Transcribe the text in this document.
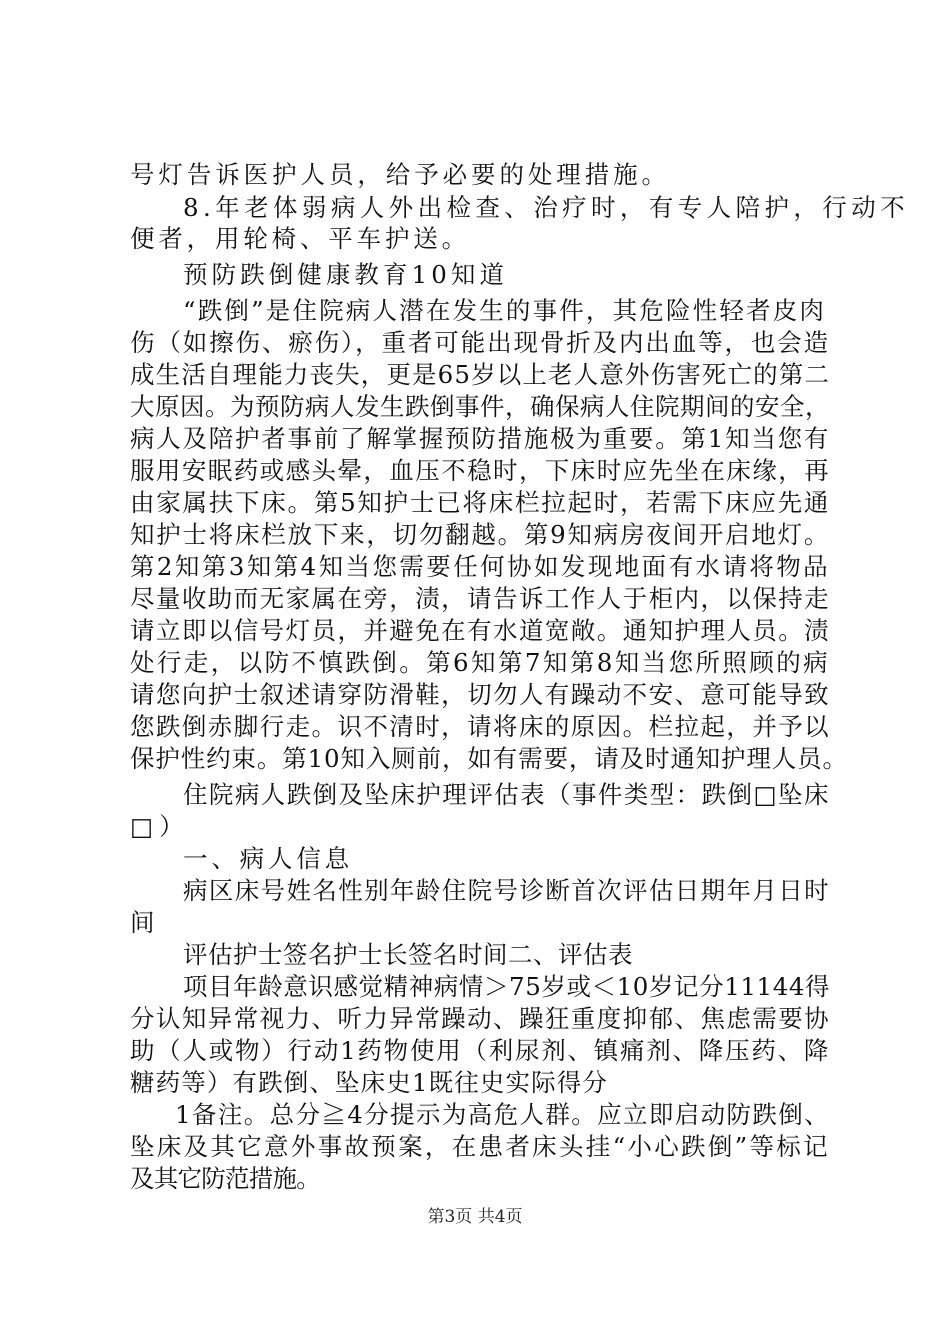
号灯告诉医护人员，给予必要的处理措施。
8.年老体弱病人外出检查、治疗时，有专人陪护，行动不
便者，用轮椅、平车护送。
预防跌倒健康教育10知道
“跌倒”是住院病人潜在发生的事件，其危险性轻者皮肉
伤（如擦伤、瘀伤），重者可能出现骨折及内出血等，也会造
成生活自理能力丧失，更是65岁以上老人意外伤害死亡的第二
大原因。为预防病人发生跌倒事件，确保病人住院期间的安全，
病人及陪护者事前了解掌握预防措施极为重要。第1知当您有
服用安眠药或感头晕，血压不稳时，下床时应先坐在床缘，再
由家属扶下床。第5知护士已将床栏拉起时，若需下床应先通
知护士将床栏放下来，切勿翻越。第9知病房夜间开启地灯。
第2知第3知第4知当您需要任何协如发现地面有水请将物品
尽量收助而无家属在旁，渍，请告诉工作人于柜内，以保持走
请立即以信号灯员，并避免在有水道宽敞。通知护理人员。渍
处行走，以防不慎跌倒。第6知第7知第8知当您所照顾的病
请您向护士叙述请穿防滑鞋，切勿人有躁动不安、意可能导致
您跌倒赤脚行走。识不清时，请将床的原因。栏拉起，并予以
保护性约束。第10知入厕前，如有需要，请及时通知护理人员。
住院病人跌倒及坠床护理评估表（事件类型：跌倒□坠床
□）
一、病人信息
病区床号姓名性别年龄住院号诊断首次评估日期年月日时
间
评估护士签名护士长签名时间二、评估表
项目年龄意识感觉精神病情＞75岁或＜10岁记分11144得
分认知异常视力、听力异常躁动、躁狂重度抑郁、焦虑需要协
助（人或物）行动1药物使用（利尿剂、镇痛剂、降压药、降
糖药等）有跌倒、坠床史1既往史实际得分
1备注。总分≧4分提示为高危人群。应立即启动防跌倒、
坠床及其它意外事故预案，在患者床头挂“小心跌倒”等标记
及其它防范措施。
第3页 共4页
